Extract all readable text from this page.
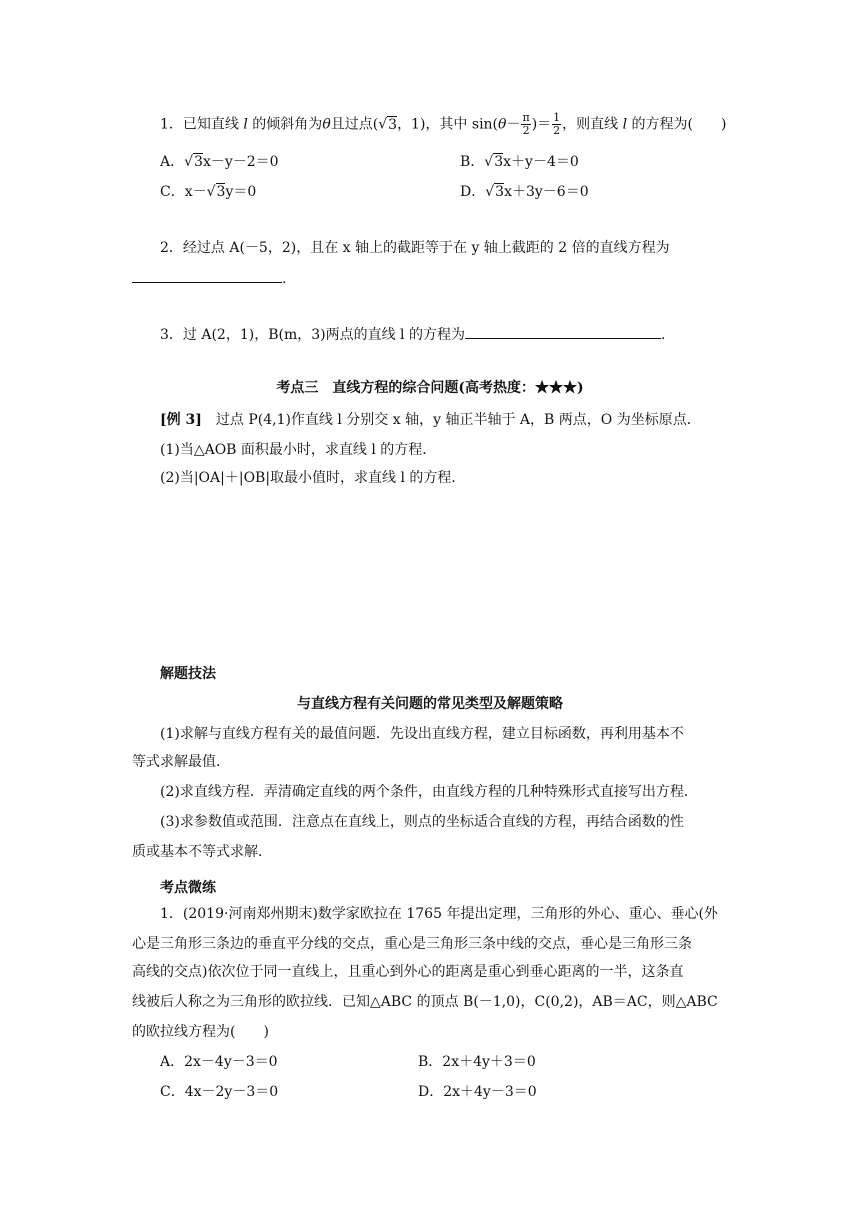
1．已知直线 l 的倾斜角为θ且过点(√3，1)，其中 $\sin(\theta- \frac{\pi}{2}$ )＝ $\frac{1}{2}$ ，则直线 l 的方程为(　　)
A．√3x－y－2＝0	B．√3x＋y－4＝0
C．x－√3y＝0	D．√3x＋3y－6＝0
2．经过点 A(－5，2)，且在 x 轴上的截距等于在 y 轴上截距的 2 倍的直线方程为
.
3．过 A(2，1)，B(m，3)两点的直线 l 的方程为	.
考点三　直线方程的综合问题(高考热度：★★★)
[例 3]　过点 P(4,1)作直线 l 分别交 x 轴，y 轴正半轴于 A，B 两点，O 为坐标原点．
(1)当△AOB 面积最小时，求直线 l 的方程．
(2)当|OA|＋|OB|取最小值时，求直线 l 的方程．
解题技法
与直线方程有关问题的常见类型及解题策略
(1)求解与直线方程有关的最值问题．先设出直线方程，建立目标函数，再利用基本不
等式求解最值．
(2)求直线方程．弄清确定直线的两个条件，由直线方程的几种特殊形式直接写出方程．
(3)求参数值或范围．注意点在直线上，则点的坐标适合直线的方程，再结合函数的性
质或基本不等式求解．
考点微练
1．(2019·河南郑州期末)数学家欧拉在 1765 年提出定理，三角形的外心、重心、垂心(外
心是三角形三条边的垂直平分线的交点，重心是三角形三条中线的交点，垂心是三角形三条
高线的交点)依次位于同一直线上，且重心到外心的距离是重心到垂心距离的一半，这条直
线被后人称之为三角形的欧拉线．已知△ABC 的顶点 B(－1,0)，C(0,2)，AB＝AC，则△ABC
的欧拉线方程为(　　)
A．2x－4y－3＝0	B．2x＋4y＋3＝0
C．4x－2y－3＝0	D．2x＋4y－3＝0
